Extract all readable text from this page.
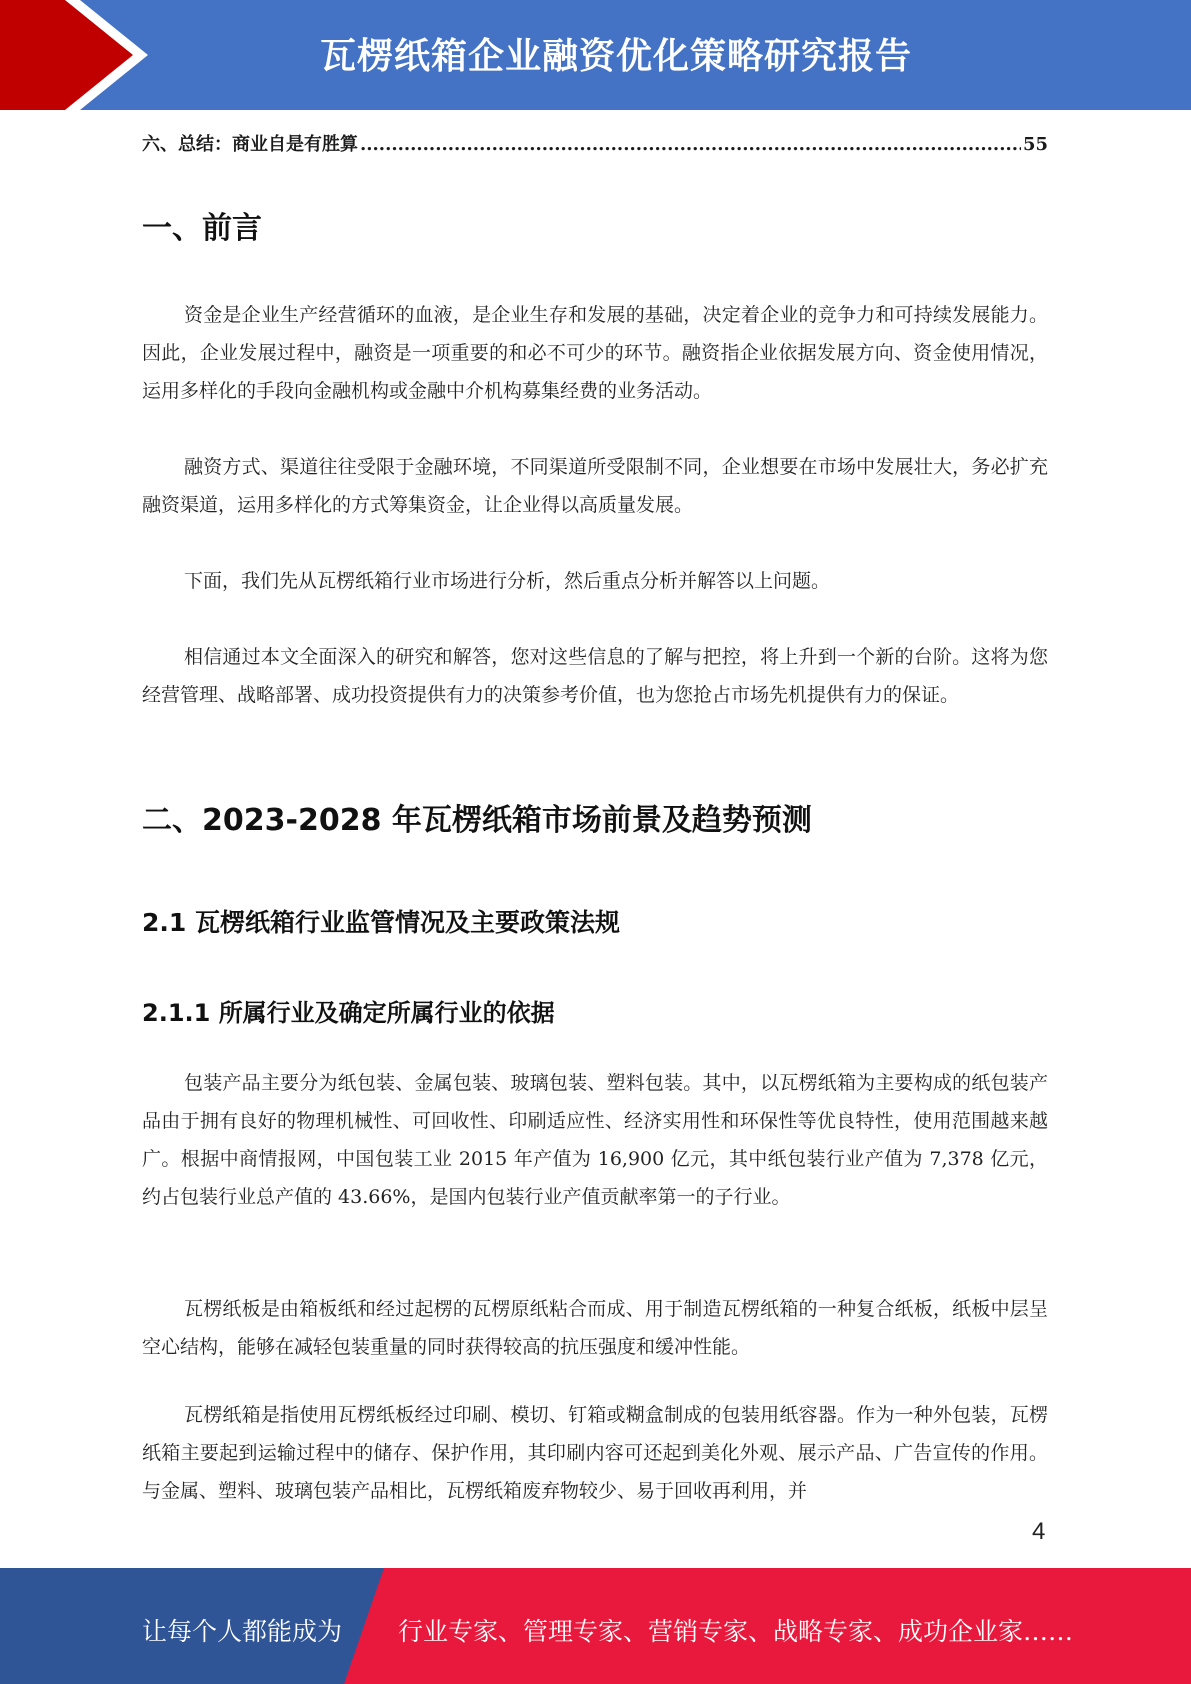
瓦楞纸箱企业融资优化策略研究报告
六、总结：商业自是有胜算
.....	55
一、前言

资金是企业生产经营循环的血液，是企业生存和发展的基础，决定着企业的竞争力和可持续发展能力。因此，企业发展过程中，融资是一项重要的和必不可少的环节。融资指企业依据发展方向、资金使用情况，运用多样化的手段向金融机构或金融中介机构募集经费的业务活动。

融资方式、渠道往往受限于金融环境，不同渠道所受限制不同，企业想要在市场中发展壮大，务必扩充融资渠道，运用多样化的方式筹集资金，让企业得以高质量发展。

下面，我们先从瓦楞纸箱行业市场进行分析，然后重点分析并解答以上问题。

相信通过本文全面深入的研究和解答，您对这些信息的了解与把控，将上升到一个新的台阶。这将为您经营管理、战略部署、成功投资提供有力的决策参考价值，也为您抢占市场先机提供有力的保证。

二、2023-2028 年瓦楞纸箱市场前景及趋势预测
2.1 瓦楞纸箱行业监管情况及主要政策法规
2.1.1 所属行业及确定所属行业的依据

包装产品主要分为纸包装、金属包装、玻璃包装、塑料包装。其中，以瓦楞纸箱为主要构成的纸包装产品由于拥有良好的物理机械性、可回收性、印刷适应性、经济实用性和环保性等优良特性，使用范围越来越广。根据中商情报网，中国包装工业 2015 年产值为 16,900 亿元，其中纸包装行业产值为 7,378 亿元，约占包装行业总产值的 43.66%，是国内包装行业产值贡献率第一的子行业。

瓦楞纸板是由箱板纸和经过起楞的瓦楞原纸粘合而成、用于制造瓦楞纸箱的一种复合纸板，纸板中层呈空心结构，能够在减轻包装重量的同时获得较高的抗压强度和缓冲性能。

瓦楞纸箱是指使用瓦楞纸板经过印刷、模切、钉箱或糊盒制成的包装用纸容器。作为一种外包装，瓦楞纸箱主要起到运输过程中的储存、保护作用，其印刷内容可还起到美化外观、展示产品、广告宣传的作用。与金属、塑料、玻璃包装产品相比，瓦楞纸箱废弃物较少、易于回收再利用，并

4
让每个人都能成为 行业专家、管理专家、营销专家、战略专家、成功企业家……
